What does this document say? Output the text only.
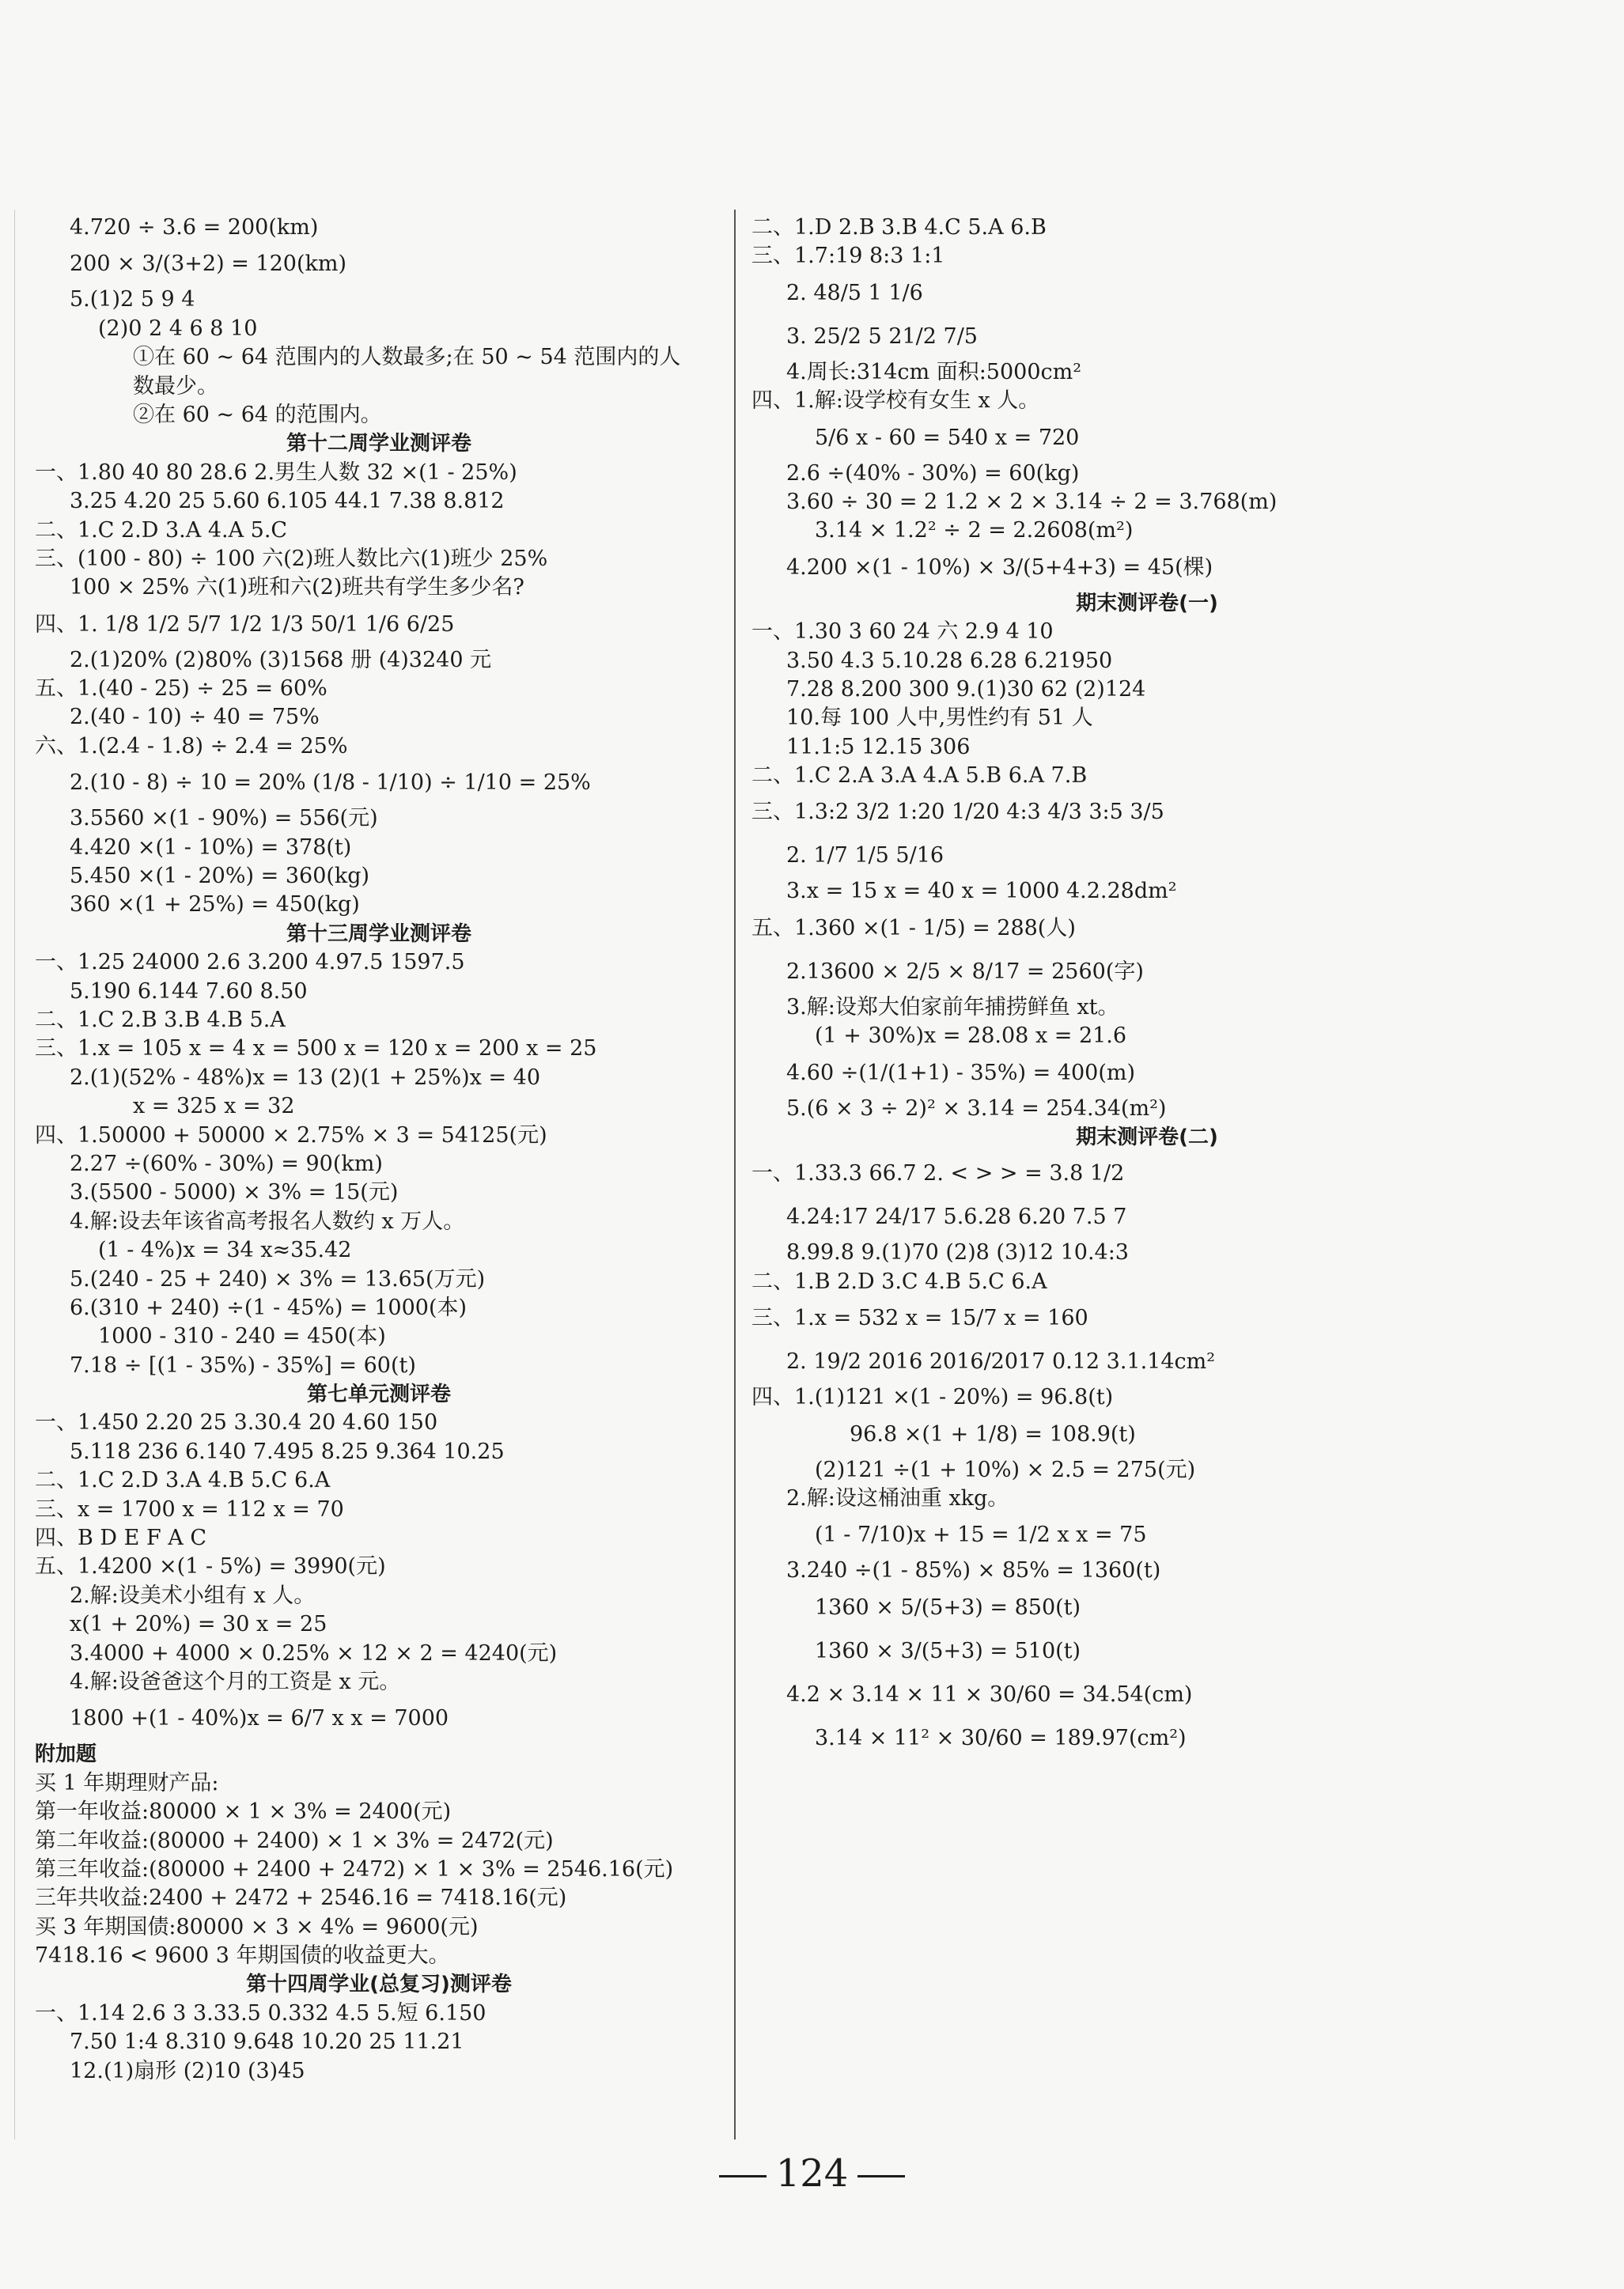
4.720 ÷ 3.6 = 200(km)
200 × 3/(3+2) = 120(km)
5.(1)2 5 9 4
(2)0 2 4 6 8 10
①在 60 ~ 64 范围内的人数最多;在 50 ~ 54 范围内的人
数最少。
②在 60 ~ 64 的范围内。
第十二周学业测评卷
一、1.80 40 80 28.6 2.男生人数 32 ×(1 - 25%)
3.25 4.20 25 5.60 6.105 44.1 7.38 8.812
二、1.C 2.D 3.A 4.A 5.C
三、(100 - 80) ÷ 100 六(2)班人数比六(1)班少 25%
100 × 25% 六(1)班和六(2)班共有学生多少名?
四、1. 1/8 1/2 5/7 1/2 1/3 50/1 1/6 6/25
2.(1)20% (2)80% (3)1568 册 (4)3240 元
五、1.(40 - 25) ÷ 25 = 60%
2.(40 - 10) ÷ 40 = 75%
六、1.(2.4 - 1.8) ÷ 2.4 = 25%
2.(10 - 8) ÷ 10 = 20% (1/8 - 1/10) ÷ 1/10 = 25%
3.5560 ×(1 - 90%) = 556(元)
4.420 ×(1 - 10%) = 378(t)
5.450 ×(1 - 20%) = 360(kg)
360 ×(1 + 25%) = 450(kg)
第十三周学业测评卷
一、1.25 24000 2.6 3.200 4.97.5 1597.5
5.190 6.144 7.60 8.50
二、1.C 2.B 3.B 4.B 5.A
三、1.x = 105 x = 4 x = 500 x = 120 x = 200 x = 25
2.(1)(52% - 48%)x = 13 (2)(1 + 25%)x = 40
x = 325 x = 32
四、1.50000 + 50000 × 2.75% × 3 = 54125(元)
2.27 ÷(60% - 30%) = 90(km)
3.(5500 - 5000) × 3% = 15(元)
4.解:设去年该省高考报名人数约 x 万人。
(1 - 4%)x = 34 x≈35.42
5.(240 - 25 + 240) × 3% = 13.65(万元)
6.(310 + 240) ÷(1 - 45%) = 1000(本)
1000 - 310 - 240 = 450(本)
7.18 ÷ [(1 - 35%) - 35%] = 60(t)
第七单元测评卷
一、1.450 2.20 25 3.30.4 20 4.60 150
5.118 236 6.140 7.495 8.25 9.364 10.25
二、1.C 2.D 3.A 4.B 5.C 6.A
三、x = 1700 x = 112 x = 70
四、B D E F A C
五、1.4200 ×(1 - 5%) = 3990(元)
2.解:设美术小组有 x 人。
x(1 + 20%) = 30 x = 25
3.4000 + 4000 × 0.25% × 12 × 2 = 4240(元)
4.解:设爸爸这个月的工资是 x 元。
1800 +(1 - 40%)x = 6/7 x x = 7000
附加题
买 1 年期理财产品:
第一年收益:80000 × 1 × 3% = 2400(元)
第二年收益:(80000 + 2400) × 1 × 3% = 2472(元)
第三年收益:(80000 + 2400 + 2472) × 1 × 3% = 2546.16(元)
三年共收益:2400 + 2472 + 2546.16 = 7418.16(元)
买 3 年期国债:80000 × 3 × 4% = 9600(元)
7418.16 < 9600 3 年期国债的收益更大。
第十四周学业(总复习)测评卷
一、1.14 2.6 3 3.33.5 0.332 4.5 5.短 6.150
7.50 1:4 8.310 9.648 10.20 25 11.21
12.(1)扇形 (2)10 (3)45
二、1.D 2.B 3.B 4.C 5.A 6.B
三、1.7:19 8:3 1:1
2. 48/5 1 1/6
3. 25/2 5 21/2 7/5
4.周长:314cm 面积:5000cm²
四、1.解:设学校有女生 x 人。
5/6 x - 60 = 540 x = 720
2.6 ÷(40% - 30%) = 60(kg)
3.60 ÷ 30 = 2 1.2 × 2 × 3.14 ÷ 2 = 3.768(m)
3.14 × 1.2² ÷ 2 = 2.2608(m²)
4.200 ×(1 - 10%) × 3/(5+4+3) = 45(棵)
期末测评卷(一)
一、1.30 3 60 24 六 2.9 4 10
3.50 4.3 5.10.28 6.28 6.21950
7.28 8.200 300 9.(1)30 62 (2)124
10.每 100 人中,男性约有 51 人
11.1:5 12.15 306
二、1.C 2.A 3.A 4.A 5.B 6.A 7.B
三、1.3:2 3/2 1:20 1/20 4:3 4/3 3:5 3/5
2. 1/7 1/5 5/16
3.x = 15 x = 40 x = 1000 4.2.28dm²
五、1.360 ×(1 - 1/5) = 288(人)
2.13600 × 2/5 × 8/17 = 2560(字)
3.解:设郑大伯家前年捕捞鲜鱼 xt。
(1 + 30%)x = 28.08 x = 21.6
4.60 ÷(1/(1+1) - 35%) = 400(m)
5.(6 × 3 ÷ 2)² × 3.14 = 254.34(m²)
期末测评卷(二)
一、1.33.3 66.7 2. < > > = 3.8 1/2
4.24:17 24/17 5.6.28 6.20 7.5 7
8.99.8 9.(1)70 (2)8 (3)12 10.4:3
二、1.B 2.D 3.C 4.B 5.C 6.A
三、1.x = 532 x = 15/7 x = 160
2. 19/2 2016 2016/2017 0.12 3.1.14cm²
四、1.(1)121 ×(1 - 20%) = 96.8(t)
96.8 ×(1 + 1/8) = 108.9(t)
(2)121 ÷(1 + 10%) × 2.5 = 275(元)
2.解:设这桶油重 xkg。
(1 - 7/10)x + 15 = 1/2 x x = 75
3.240 ÷(1 - 85%) × 85% = 1360(t)
1360 × 5/(5+3) = 850(t)
1360 × 3/(5+3) = 510(t)
4.2 × 3.14 × 11 × 30/60 = 34.54(cm)
3.14 × 11² × 30/60 = 189.97(cm²)
124
